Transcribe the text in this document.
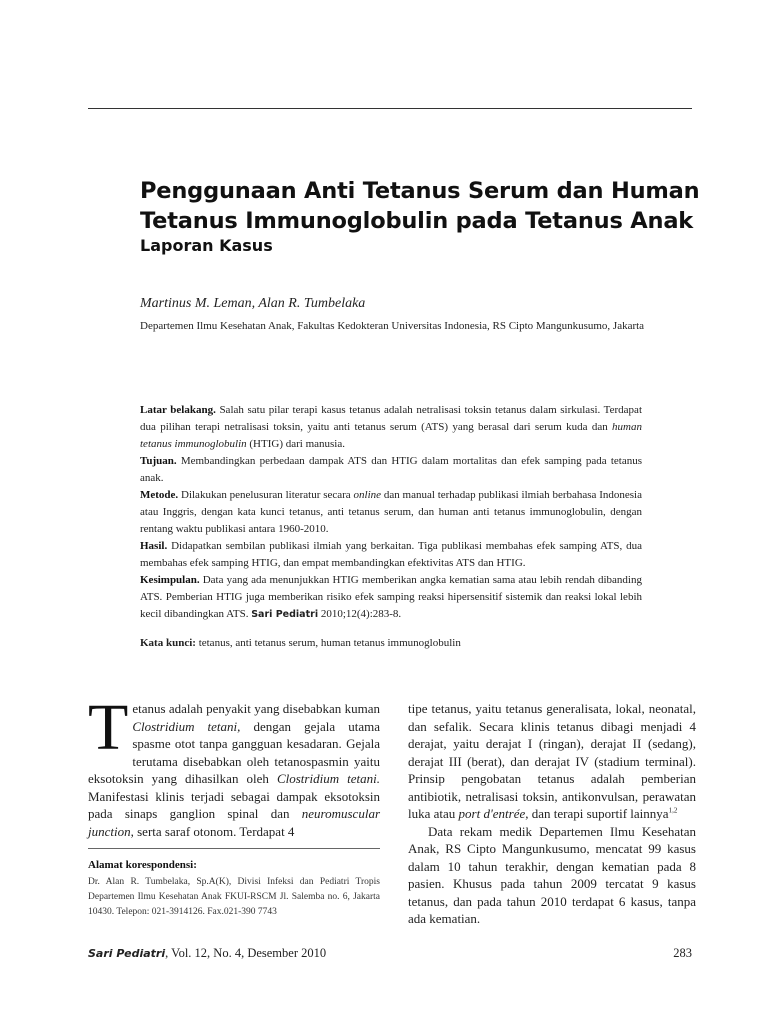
Penggunaan Anti Tetanus Serum dan Human
Tetanus Immunoglobulin pada Tetanus Anak
Laporan Kasus
Martinus M. Leman, Alan R. Tumbelaka
Departemen Ilmu Kesehatan Anak, Fakultas Kedokteran Universitas Indonesia, RS Cipto Mangunkusumo, Jakarta

Latar belakang. Salah satu pilar terapi kasus tetanus adalah netralisasi toksin tetanus dalam sirkulasi. Terdapat dua pilihan terapi netralisasi toksin, yaitu anti tetanus serum (ATS) yang berasal dari serum kuda dan human tetanus immunoglobulin (HTIG) dari manusia.

Tujuan. Membandingkan perbedaan dampak ATS dan HTIG dalam mortalitas dan efek samping pada tetanus anak.

Metode. Dilakukan penelusuran literatur secara online dan manual terhadap publikasi ilmiah berbahasa Indonesia atau Inggris, dengan kata kunci tetanus, anti tetanus serum, dan human anti tetanus immunoglobulin, dengan rentang waktu publikasi antara 1960-2010.

Hasil. Didapatkan sembilan publikasi ilmiah yang berkaitan. Tiga publikasi membahas efek samping ATS, dua membahas efek samping HTIG, dan empat membandingkan efektivitas ATS dan HTIG.

Kesimpulan. Data yang ada menunjukkan HTIG memberikan angka kematian sama atau lebih rendah dibanding ATS. Pemberian HTIG juga memberikan risiko efek samping reaksi hipersensitif sistemik dan reaksi lokal lebih kecil dibandingkan ATS. Sari Pediatri 2010;12(4):283-8.

Kata kunci: tetanus, anti tetanus serum, human tetanus immunoglobulin

Tetanus adalah penyakit yang disebabkan kuman Clostridium tetani, dengan gejala utama spasme otot tanpa gangguan kesadaran. Gejala terutama disebabkan oleh tetanospasmin yaitu eksotoksin yang dihasilkan oleh Clostridium tetani. Manifestasi klinis terjadi sebagai dampak eksotoksin pada sinaps ganglion spinal dan neuromuscular junction, serta saraf otonom. Terdapat 4

tipe tetanus, yaitu tetanus generalisata, lokal, neonatal, dan sefalik. Secara klinis tetanus dibagi menjadi 4 derajat, yaitu derajat I (ringan), derajat II (sedang), derajat III (berat), dan derajat IV (stadium terminal). Prinsip pengobatan tetanus adalah pemberian antibiotik, netralisasi toksin, antikonvulsan, perawatan luka atau port d'entrée, dan terapi suportif lainnya$^{1,2}$

Data rekam medik Departemen Ilmu Kesehatan Anak, RS Cipto Mangunkusumo, mencatat 99 kasus dalam 10 tahun terakhir, dengan kematian pada 8 pasien. Khusus pada tahun 2009 tercatat 9 kasus tetanus, dan pada tahun 2010 terdapat 6 kasus, tanpa ada kematian.

Alamat korespondensi:
Dr. Alan R. Tumbelaka, Sp.A(K), Divisi Infeksi dan Pediatri Tropis Departemen Ilmu Kesehatan Anak FKUI-RSCM Jl. Salemba no. 6, Jakarta 10430. Telepon: 021-3914126. Fax.021-390 7743
Sari Pediatri, Vol. 12, No. 4, Desember 2010	283
